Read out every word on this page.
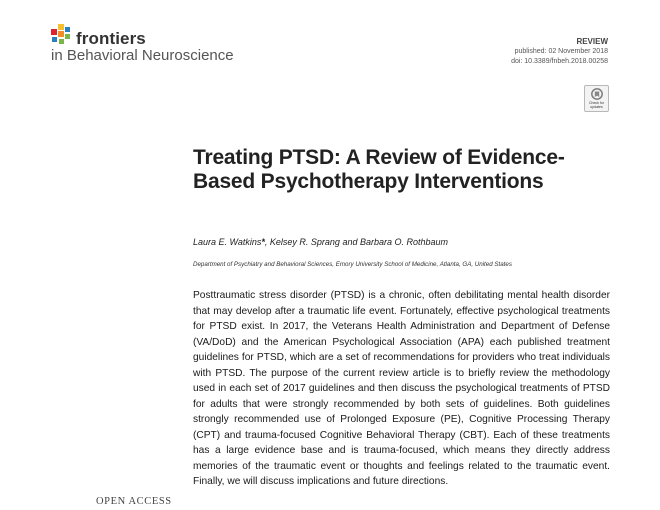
frontiers
in Behavioral Neuroscience
REVIEW
published: 02 November 2018
doi: 10.3389/fnbeh.2018.00258
Check for updates
Treating PTSD: A Review of Evidence-Based Psychotherapy Interventions
Laura E. Watkins*, Kelsey R. Sprang and Barbara O. Rothbaum
Department of Psychiatry and Behavioral Sciences, Emory University School of Medicine, Atlanta, GA, United States
Posttraumatic stress disorder (PTSD) is a chronic, often debilitating mental health disorder that may develop after a traumatic life event. Fortunately, effective psychological treatments for PTSD exist. In 2017, the Veterans Health Administration and Department of Defense (VA/DoD) and the American Psychological Association (APA) each published treatment guidelines for PTSD, which are a set of recommendations for providers who treat individuals with PTSD. The purpose of the current review article is to briefly review the methodology used in each set of 2017 guidelines and then discuss the psychological treatments of PTSD for adults that were strongly recommended by both sets of guidelines. Both guidelines strongly recommended use of Prolonged Exposure (PE), Cognitive Processing Therapy (CPT) and trauma-focused Cognitive Behavioral Therapy (CBT). Each of these treatments has a large evidence base and is trauma-focused, which means they directly address memories of the traumatic event or thoughts and feelings related to the traumatic event. Finally, we will discuss implications and future directions.
OPEN ACCESS
